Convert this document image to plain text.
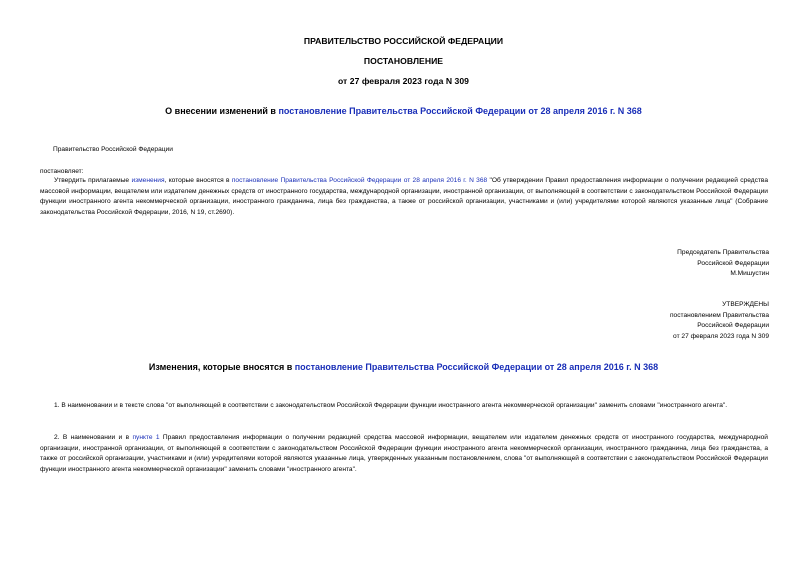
ПРАВИТЕЛЬСТВО РОССИЙСКОЙ ФЕДЕРАЦИИ
ПОСТАНОВЛЕНИЕ
от 27 февраля 2023 года N 309
О внесении изменений в постановление Правительства Российской Федерации от 28 апреля 2016 г. N 368
Правительство Российской Федерации
постановляет:
Утвердить прилагаемые изменения, которые вносятся в постановление Правительства Российской Федерации от 28 апреля 2016 г. N 368 "Об утверждении Правил предоставления информации о получении редакцией средства массовой информации, вещателем или издателем денежных средств от иностранного государства, международной организации, иностранной организации, от выполняющей в соответствии с законодательством Российской Федерации функции иностранного агента некоммерческой организации, иностранного гражданина, лица без гражданства, а также от российской организации, участниками и (или) учредителями которой являются указанные лица" (Собрание законодательства Российской Федерации, 2016, N 19, ст.2690).
Председатель Правительства
Российской Федерации
М.Мишустин
УТВЕРЖДЕНЫ
постановлением Правительства
Российской Федерации
от 27 февраля 2023 года N 309
Изменения, которые вносятся в постановление Правительства Российской Федерации от 28 апреля 2016 г. N 368
1. В наименовании и в тексте слова "от выполняющей в соответствии с законодательством Российской Федерации функции иностранного агента некоммерческой организации" заменить словами "иностранного агента".
2. В наименовании и в пункте 1 Правил предоставления информации о получении редакцией средства массовой информации, вещателем или издателем денежных средств от иностранного государства, международной организации, иностранной организации, от выполняющей в соответствии с законодательством Российской Федерации функции иностранного агента некоммерческой организации, иностранного гражданина, лица без гражданства, а также от российской организации, участниками и (или) учредителями которой являются указанные лица, утвержденных указанным постановлением, слова "от выполняющей в соответствии с законодательством Российской Федерации функции иностранного агента некоммерческой организации" заменить словами "иностранного агента".
